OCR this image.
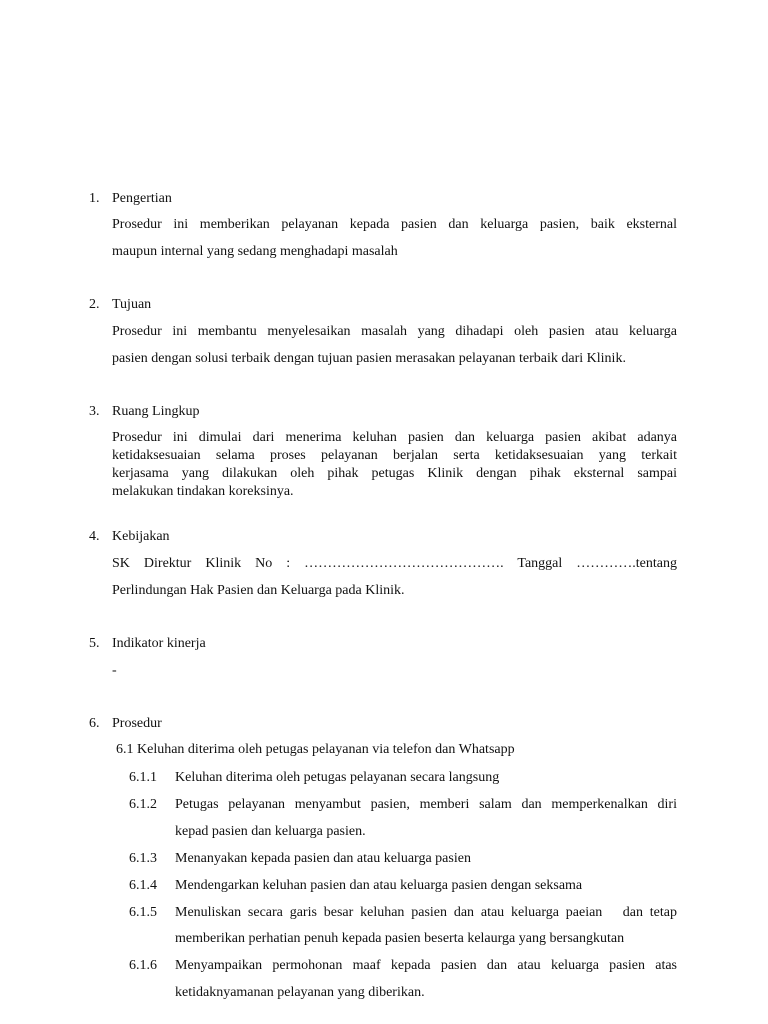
1. Pengertian
Prosedur ini memberikan pelayanan kepada pasien dan keluarga pasien, baik eksternal
maupun internal yang sedang menghadapi masalah
2. Tujuan
Prosedur ini membantu menyelesaikan masalah yang dihadapi oleh pasien atau keluarga
pasien dengan solusi terbaik dengan tujuan pasien merasakan pelayanan terbaik dari Klinik.
3. Ruang Lingkup
Prosedur ini dimulai dari menerima keluhan pasien dan keluarga pasien akibat adanya
ketidaksesuaian selama proses pelayanan berjalan serta ketidaksesuaian yang terkait
kerjasama yang dilakukan oleh pihak petugas Klinik dengan pihak eksternal sampai
melakukan tindakan koreksinya.
4. Kebijakan
SK Direktur Klinik No : ……………………………………. Tanggal ………….tentang
Perlindungan Hak Pasien dan Keluarga pada Klinik.
5. Indikator kinerja
-
6. Prosedur
6.1 Keluhan diterima oleh petugas pelayanan via telefon dan Whatsapp
6.1.1 Keluhan diterima oleh petugas pelayanan secara langsung
6.1.2 Petugas pelayanan menyambut pasien, memberi salam dan memperkenalkan diri
kepad pasien dan keluarga pasien.
6.1.3 Menanyakan kepada pasien dan atau keluarga pasien
6.1.4 Mendengarkan keluhan pasien dan atau keluarga pasien dengan seksama
6.1.5 Menuliskan secara garis besar keluhan pasien dan atau keluarga paeian   dan tetap
memberikan perhatian penuh kepada pasien beserta kelaurga yang bersangkutan
6.1.6 Menyampaikan permohonan maaf kepada pasien dan atau keluarga pasien atas
ketidaknyamanan pelayanan yang diberikan.
